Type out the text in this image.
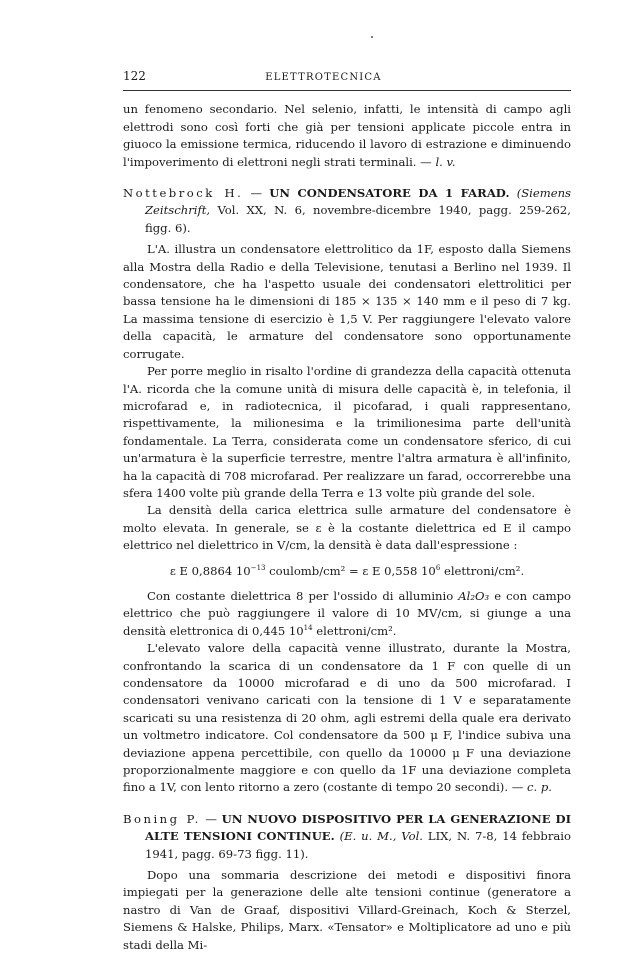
122	ELETTROTECNICA

un fenomeno secondario. Nel selenio, infatti, le intensità di campo agli elettrodi sono così forti che già per tensioni applicate piccole entra in giuoco la emissione termica, riducendo il lavoro di estrazione e diminuendo l'impoverimento di elettroni negli strati terminali. — l. v.

Nottebrock H. — UN CONDENSATORE DA 1 FARAD. (Siemens Zeitschrift, Vol. XX, N. 6, novembre-dicembre 1940, pagg. 259-262, figg. 6).

L'A. illustra un condensatore elettrolitico da 1F, esposto dalla Siemens alla Mostra della Radio e della Televisione, tenutasi a Berlino nel 1939. Il condensatore, che ha l'aspetto usuale dei condensatori elettrolitici per bassa tensione ha le dimensioni di 185 × 135 × 140 mm e il peso di 7 kg. La massima tensione di esercizio è 1,5 V. Per raggiungere l'elevato valore della capacità, le armature del condensatore sono opportunamente corrugate.

Per porre meglio in risalto l'ordine di grandezza della capacità ottenuta l'A. ricorda che la comune unità di misura delle capacità è, in telefonia, il microfarad e, in radiotecnica, il picofarad, i quali rappresentano, rispettivamente, la milionesima e la trimilionesima parte dell'unità fondamentale. La Terra, considerata come un condensatore sferico, di cui un'armatura è la superficie terrestre, mentre l'altra armatura è all'infinito, ha la capacità di 708 microfarad. Per realizzare un farad, occorrerebbe una sfera 1400 volte più grande della Terra e 13 volte più grande del sole.

La densità della carica elettrica sulle armature del condensatore è molto elevata. In generale, se ε è la costante dielettrica ed E il campo elettrico nel dielettrico in V/cm, la densità è data dall'espressione :

ε E 0,8864 $10^{-13}$ coulomb/cm² = ε E 0,558 $10^6$ elettroni/cm².

Con costante dielettrica 8 per l'ossido di alluminio Al₂O₃ e con campo elettrico che può raggiungere il valore di 10 MV/cm, si giunge a una densità elettronica di 0,445 $10^{14}$ elettroni/cm².

L'elevato valore della capacità venne illustrato, durante la Mostra, confrontando la scarica di un condensatore da 1 F con quelle di un condensatore da 10000 microfarad e di uno da 500 microfarad. I condensatori venivano caricati con la tensione di 1 V e separatamente scaricati su una resistenza di 20 ohm, agli estremi della quale era derivato un voltmetro indicatore. Col condensatore da 500 μ F, l'indice subiva una deviazione appena percettibile, con quello da 10000 μ F una deviazione proporzionalmente maggiore e con quello da 1F una deviazione completa fino a 1V, con lento ritorno a zero (costante di tempo 20 secondi). — c. p.

Boning P. — UN NUOVO DISPOSITIVO PER LA GENERAZIONE DI ALTE TENSIONI CONTINUE. (E. u. M., Vol. LIX, N. 7-8, 14 febbraio 1941, pagg. 69-73 figg. 11).

Dopo una sommaria descrizione dei metodi e dispositivi finora impiegati per la generazione delle alte tensioni continue (generatore a nastro di Van de Graaf, dispositivi Villard-Greinach, Koch & Sterzel, Siemens & Halske, Philips, Marx. «Tensator» e Moltiplicatore ad uno e più stadi della Mi-
